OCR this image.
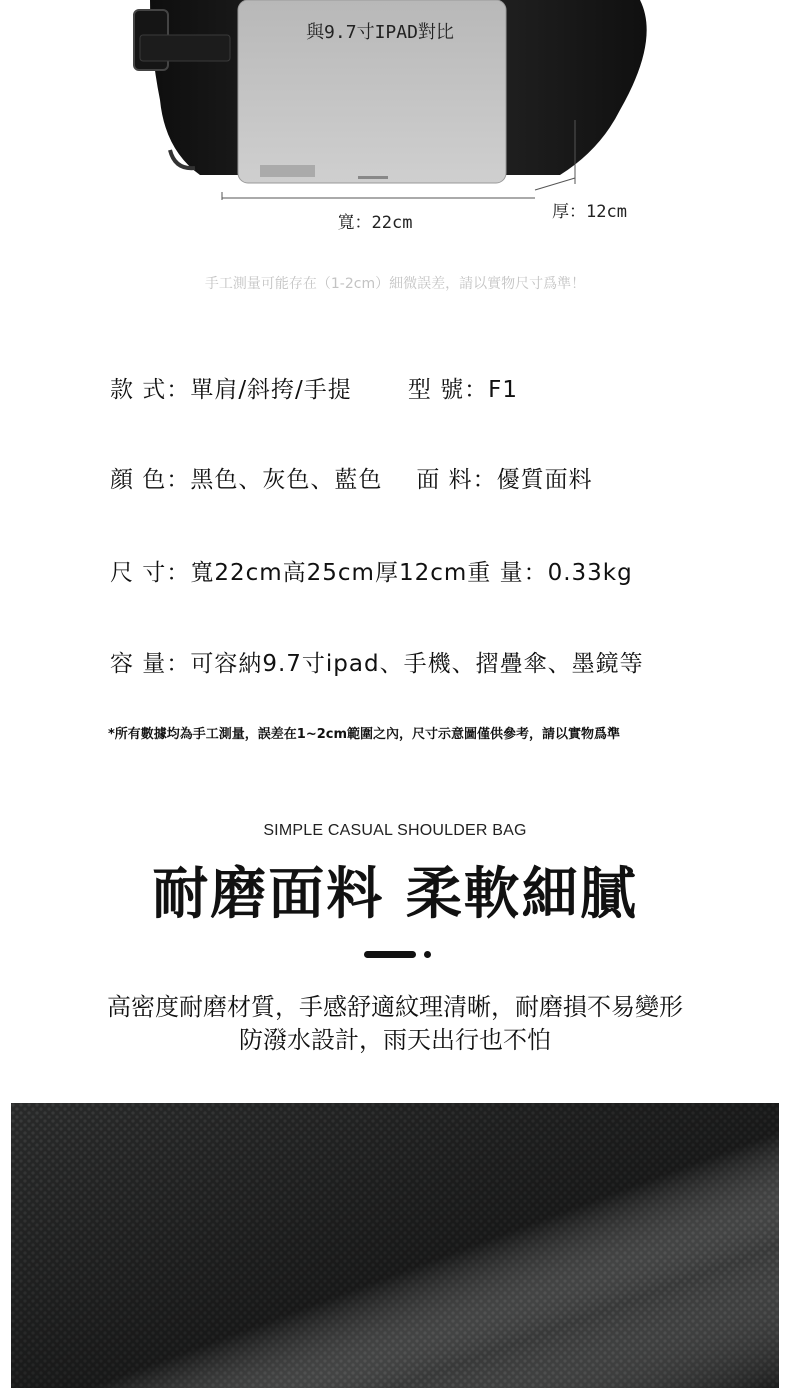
與9.7寸IPAD對比
寬：22cm
厚：12cm
手工測量可能存在（1-2cm）細微誤差，請以實物尺寸爲準！
款 式：單肩/斜挎/手提 型 號：F1
顔 色：黑色、灰色、藍色 面 料：優質面料
尺 寸：寬22cm高25cm厚12cm重 量：0.33kg
容 量：可容納9.7寸ipad、手機、摺疊傘、墨鏡等
*所有數據均為手工測量，誤差在1~2cm範圍之內，尺寸示意圖僅供參考，請以實物爲準
SIMPLE CASUAL SHOULDER BAG
耐磨面料 柔軟細膩
高密度耐磨材質，手感舒適紋理清晰，耐磨損不易變形
防潑水設計，雨天出行也不怕
